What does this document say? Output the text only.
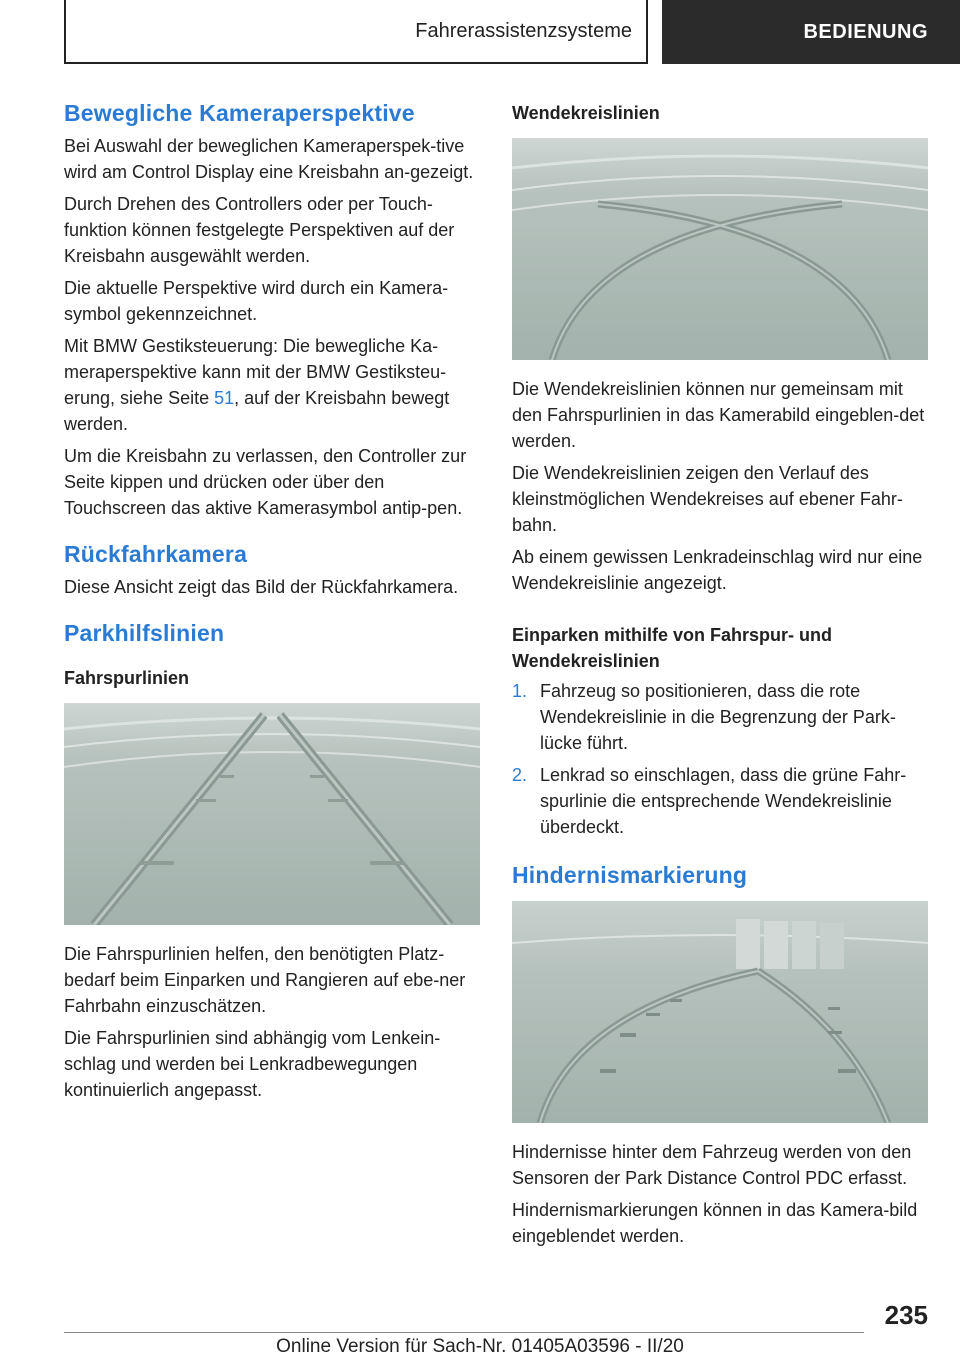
Fahrerassistenzsysteme	BEDIENUNG
Bewegliche Kameraperspektive

Bei Auswahl der beweglichen Kameraperspek-tive wird am Control Display eine Kreisbahn an-gezeigt.

Durch Drehen des Controllers oder per Touch-funktion können festgelegte Perspektiven auf der Kreisbahn ausgewählt werden.

Die aktuelle Perspektive wird durch ein Kamera-symbol gekennzeichnet.

Mit BMW Gestiksteuerung: Die bewegliche Ka-meraperspektive kann mit der BMW Gestiksteu-erung, siehe Seite 51, auf der Kreisbahn bewegt werden.

Um die Kreisbahn zu verlassen, den Controller zur Seite kippen und drücken oder über den Touchscreen das aktive Kamerasymbol antip-pen.

Rückfahrkamera

Diese Ansicht zeigt das Bild der Rückfahrkamera.

Parkhilfslinien
Fahrspurlinien

Die Fahrspurlinien helfen, den benötigten Platz-bedarf beim Einparken und Rangieren auf ebe-ner Fahrbahn einzuschätzen.

Die Fahrspurlinien sind abhängig vom Lenkein-schlag und werden bei Lenkradbewegungen kontinuierlich angepasst.

Wendekreislinien

Die Wendekreislinien können nur gemeinsam mit den Fahrspurlinien in das Kamerabild eingeblen-det werden.

Die Wendekreislinien zeigen den Verlauf des kleinstmöglichen Wendekreises auf ebener Fahr-bahn.

Ab einem gewissen Lenkradeinschlag wird nur eine Wendekreislinie angezeigt.

Einparken mithilfe von Fahrspur- und Wendekreislinien
1. Fahrzeug so positionieren, dass die rote Wendekreislinie in die Begrenzung der Park-lücke führt.
2. Lenkrad so einschlagen, dass die grüne Fahr-spurlinie die entsprechende Wendekreislinie überdeckt.
Hindernismarkierung

Hindernisse hinter dem Fahrzeug werden von den Sensoren der Park Distance Control PDC erfasst.

Hindernismarkierungen können in das Kamera-bild eingeblendet werden.

235
Online Version für Sach-Nr. 01405A03596 - II/20
